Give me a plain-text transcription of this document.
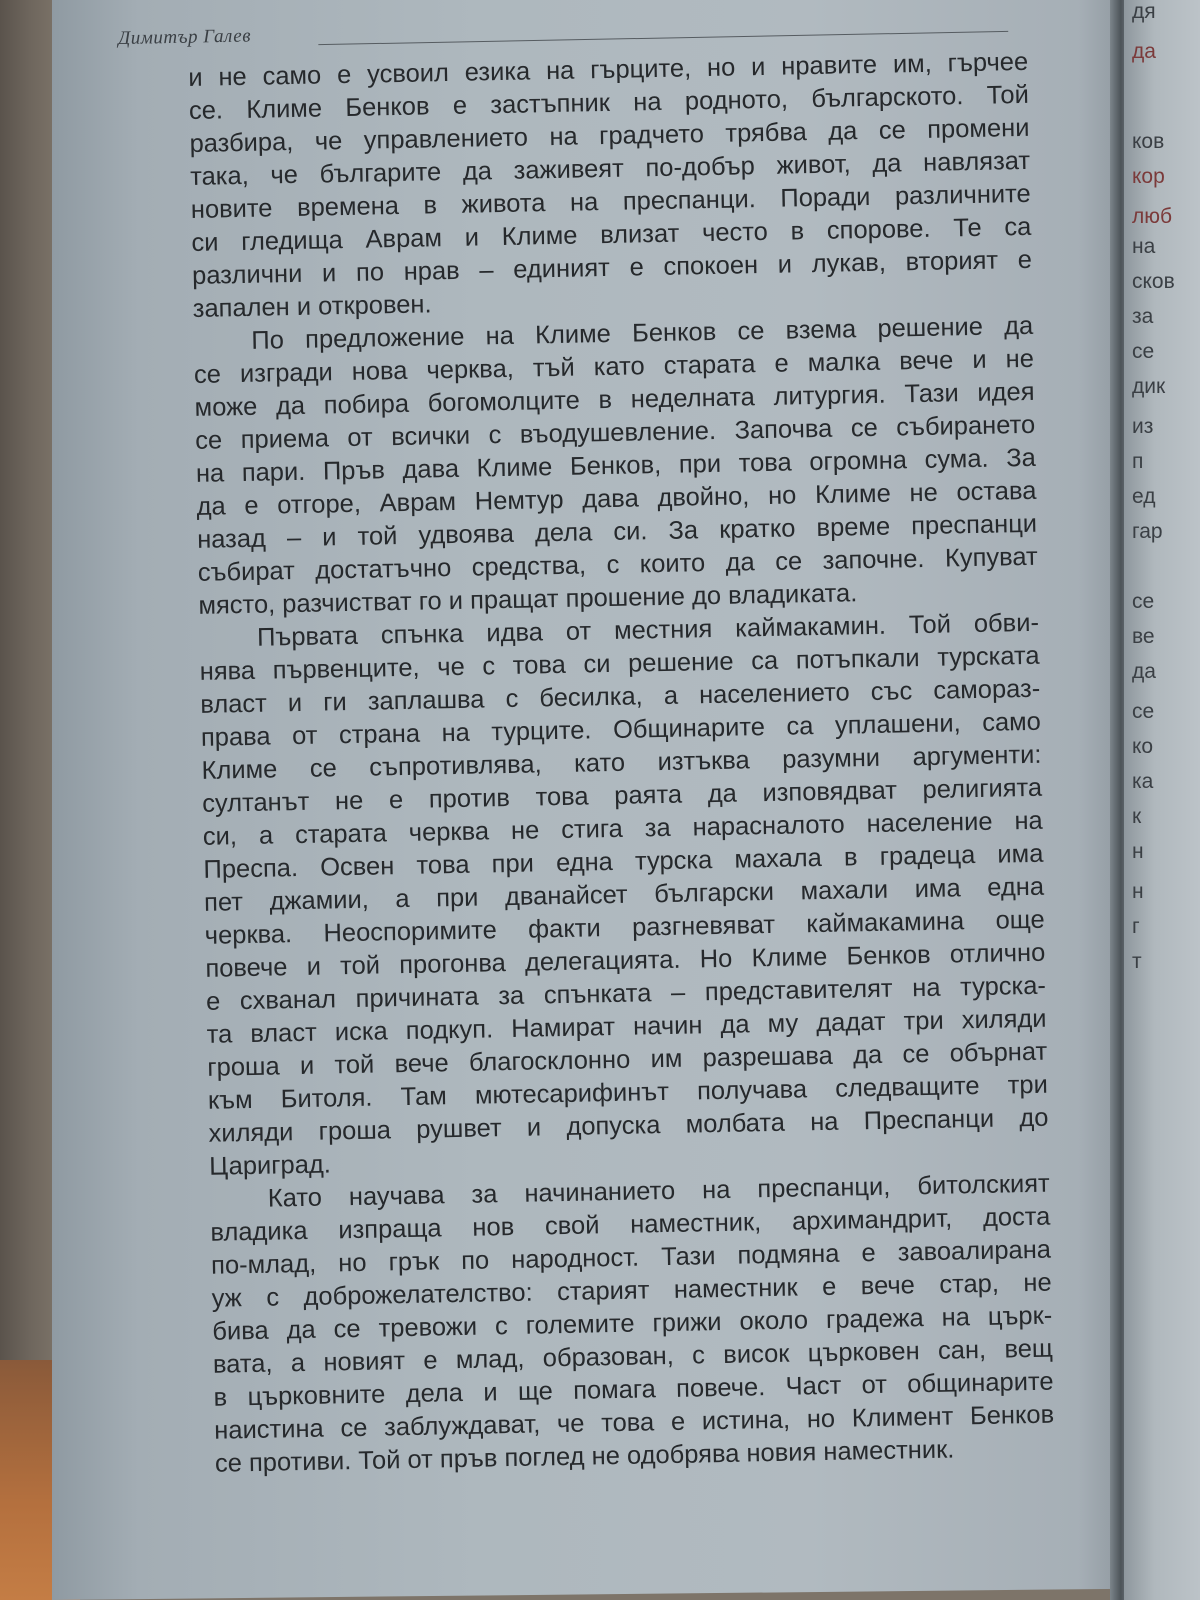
Димитър Галев
и не само е усвоил езика на гърците, но и нравите им, гърчее
се. Климе Бенков е застъпник на родното, българското. Той
разбира, че управлението на градчето трябва да се промени
така, че българите да заживеят по-добър живот, да навлязат
новите времена в живота на преспанци. Поради различните
си гледища Аврам и Климе влизат често в спорове. Те са
различни и по нрав – единият е спокоен и лукав, вторият е
запален и откровен.
По предложение на Климе Бенков се взема решение да
се изгради нова черква, тъй като старата е малка вече и не
може да побира богомолците в неделната литургия. Тази идея
се приема от всички с въодушевление. Започва се събирането
на пари. Пръв дава Климе Бенков, при това огромна сума. За
да е отгоре, Аврам Немтур дава двойно, но Климе не остава
назад – и той удвоява дела си. За кратко време преспанци
събират достатъчно средства, с които да се започне. Купуват
място, разчистват го и пращат прошение до владиката.
Първата спънка идва от местния каймакамин. Той обви-
нява първенците, че с това си решение са потъпкали турската
власт и ги заплашва с бесилка, а населението със самораз-
права от страна на турците. Общинарите са уплашени, само
Климе се съпротивлява, като изтъква разумни аргументи:
султанът не е против това раята да изповядват религията
си, а старата черква не стига за нарасналото население на
Преспа. Освен това при една турска махала в градеца има
пет джамии, а при дванайсет български махали има една
черква. Неоспоримите факти разгневяват каймакамина още
повече и той прогонва делегацията. Но Климе Бенков отлично
е схванал причината за спънката – представителят на турска-
та власт иска подкуп. Намират начин да му дадат три хиляди
гроша и той вече благосклонно им разрешава да се обърнат
към Битоля. Там мютесарифинът получава следващите три
хиляди гроша рушвет и допуска молбата на Преспанци до
Цариград.
Като научава за начинанието на преспанци, битолският
владика изпраща нов свой наместник, архимандрит, доста
по-млад, но грък по народност. Тази подмяна е завоалирана
уж с доброжелателство: старият наместник е вече стар, не
бива да се тревожи с големите грижи около градежа на църк-
вата, а новият е млад, образован, с висок църковен сан, вещ
в църковните дела и ще помага повече. Част от общинарите
наистина се заблуждават, че това е истина, но Климент Бенков
се противи. Той от пръв поглед не одобрява новия наместник.
дя
да
ков
кор
люб
на
сков
за
се
дик
из
п
ед
гар
се
ве
да
се
ко
ка
к
н
н
г
т
